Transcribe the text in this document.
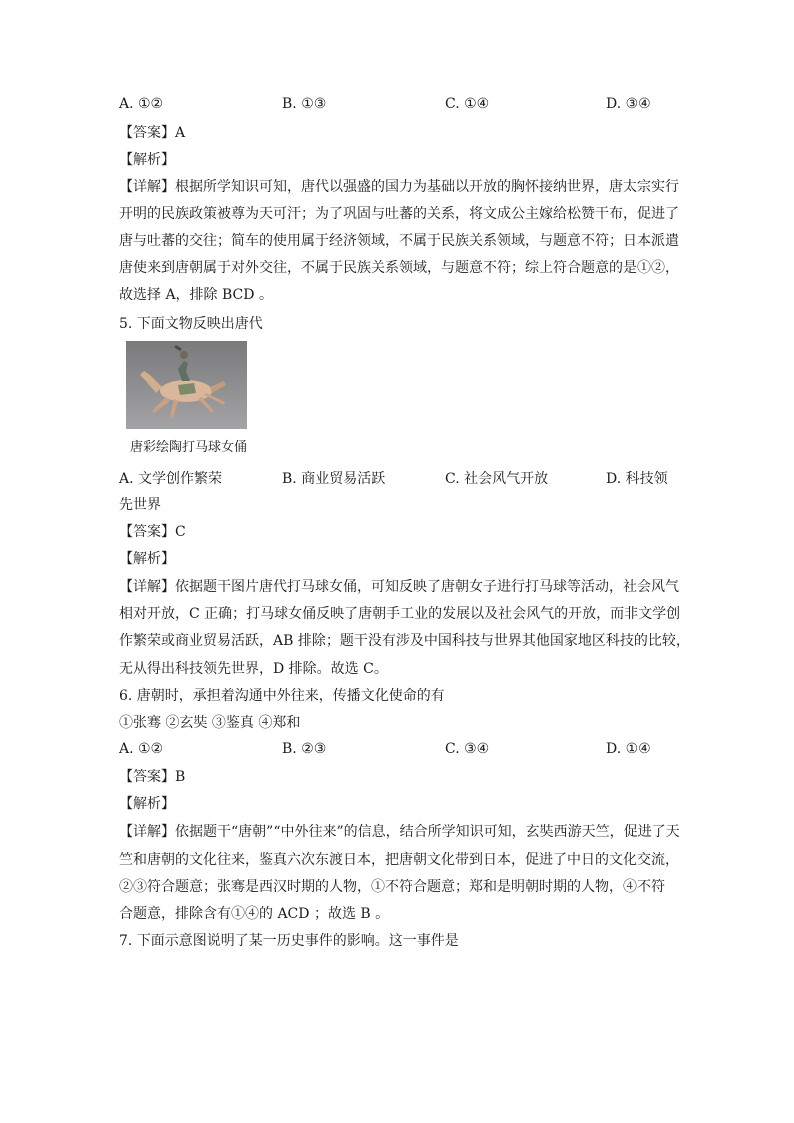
A. ①②	B. ①③	C. ①④	D. ③④
【答案】A
【解析】
【详解】根据所学知识可知，唐代以强盛的国力为基础以开放的胸怀接纳世界，唐太宗实行
开明的民族政策被尊为天可汗；为了巩固与吐蕃的关系，将文成公主嫁给松赞干布，促进了
唐与吐蕃的交往；简车的使用属于经济领域，不属于民族关系领域，与题意不符；日本派遣
唐使来到唐朝属于对外交往，不属于民族关系领域，与题意不符；综上符合题意的是①②，
故选择 A，排除 BCD 。
5. 下面文物反映出唐代
唐彩绘陶打马球女俑
A. 文学创作繁荣	B. 商业贸易活跃	C. 社会风气开放	D. 科技领
先世界
【答案】C
【解析】
【详解】依据题干图片唐代打马球女俑，可知反映了唐朝女子进行打马球等活动，社会风气
相对开放，C 正确；打马球女俑反映了唐朝手工业的发展以及社会风气的开放，而非文学创
作繁荣或商业贸易活跃，AB 排除；题干没有涉及中国科技与世界其他国家地区科技的比较，
无从得出科技领先世界，D 排除。故选 C。
6. 唐朝时，承担着沟通中外往来，传播文化使命的有
①张骞 ②玄奘 ③鉴真 ④郑和
A. ①②	B. ②③	C. ③④	D. ①④
【答案】B
【解析】
【详解】依据题干“唐朝”“中外往来”的信息，结合所学知识可知，玄奘西游天竺，促进了天
竺和唐朝的文化往来，鉴真六次东渡日本，把唐朝文化带到日本，促进了中日的文化交流，
②③符合题意；张骞是西汉时期的人物，①不符合题意；郑和是明朝时期的人物，④不符
合题意，排除含有①④的 ACD ；故选 B 。
7. 下面示意图说明了某一历史事件的影响。这一事件是
